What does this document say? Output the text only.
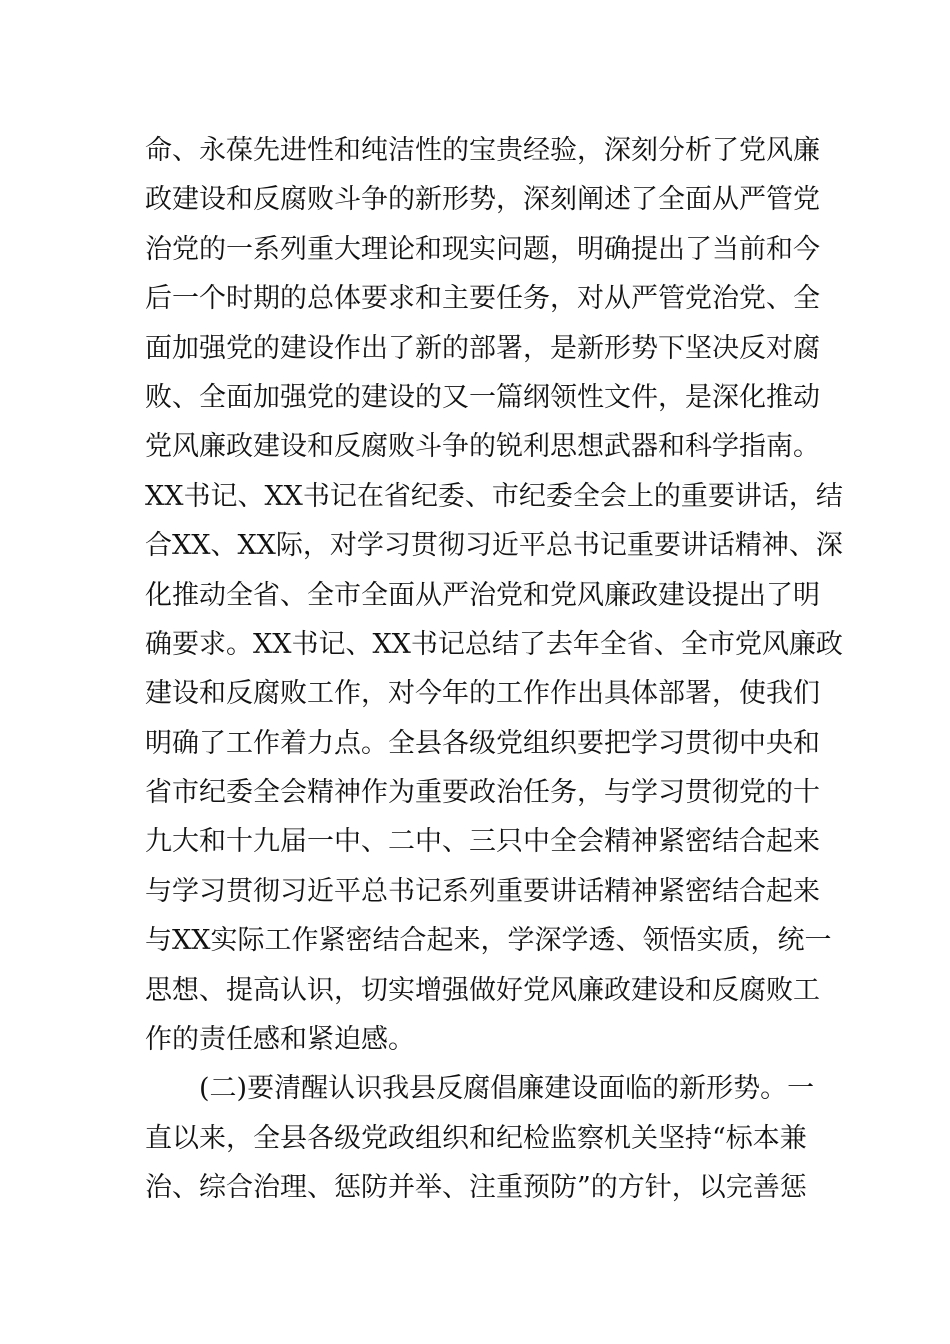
命、永葆先进性和纯洁性的宝贵经验，深刻分析了党风廉
政建设和反腐败斗争的新形势，深刻阐述了全面从严管党
治党的一系列重大理论和现实问题，明确提出了当前和今
后一个时期的总体要求和主要任务，对从严管党治党、全
面加强党的建设作出了新的部署，是新形势下坚决反对腐
败、全面加强党的建设的又一篇纲领性文件，是深化推动
党风廉政建设和反腐败斗争的锐利思想武器和科学指南。
XX书记、XX书记在省纪委、市纪委全会上的重要讲话，结
合XX、XX际，对学习贯彻习近平总书记重要讲话精神、深
化推动全省、全市全面从严治党和党风廉政建设提出了明
确要求。XX书记、XX书记总结了去年全省、全市党风廉政
建设和反腐败工作，对今年的工作作出具体部署，使我们
明确了工作着力点。全县各级党组织要把学习贯彻中央和
省市纪委全会精神作为重要政治任务，与学习贯彻党的十
九大和十九届一中、二中、三只中全会精神紧密结合起来
与学习贯彻习近平总书记系列重要讲话精神紧密结合起来
与XX实际工作紧密结合起来，学深学透、领悟实质，统一
思想、提高认识，切实增强做好党风廉政建设和反腐败工
作的责任感和紧迫感。
(二)要清醒认识我县反腐倡廉建设面临的新形势。一
直以来，全县各级党政组织和纪检监察机关坚持“标本兼
治、综合治理、惩防并举、注重预防”的方针，以完善惩
